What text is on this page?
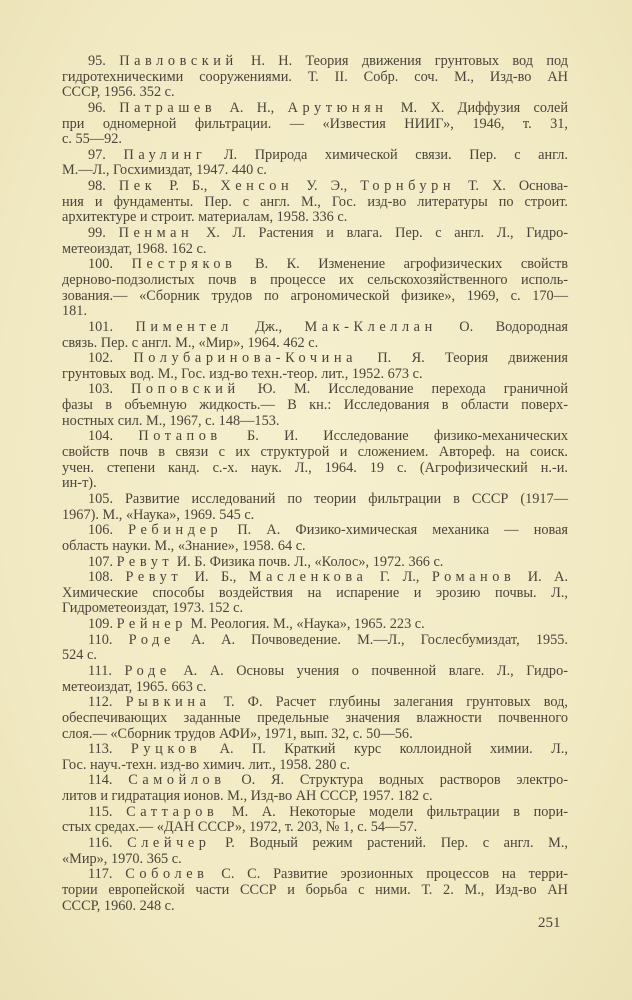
95. Павловский Н. Н. Теория движения грунтовых вод под
гидротехническими сооружениями. Т. II. Собр. соч. М., Изд-во АН
СССР, 1956. 352 с.
96. Патрашев А. Н., Арутюнян М. Х. Диффузия солей
при одномерной фильтрации. — «Известия НИИГ», 1946, т. 31,
с. 55—92.
97. Паулинг Л. Природа химической связи. Пер. с англ.
М.—Л., Госхимиздат, 1947. 440 с.
98. Пек Р. Б., Хенсон У. Э., Торнбурн Т. Х. Основа-
ния и фундаменты. Пер. с англ. М., Гос. изд-во литературы по строит.
архитектуре и строит. материалам, 1958. 336 с.
99. Пенман Х. Л. Растения и влага. Пер. с англ. Л., Гидро-
метеоиздат, 1968. 162 с.
100. Пестряков В. К. Изменение агрофизических свойств
дерново-подзолистых почв в процессе их сельскохозяйственного исполь-
зования.— «Сборник трудов по агрономической физике», 1969, с. 170—
181.
101. Пиментел Дж., Мак-Клеллан О. Водородная
связь. Пер. с англ. М., «Мир», 1964. 462 с.
102. Полубаринова-Кочина П. Я. Теория движения
грунтовых вод. М., Гос. изд-во техн.-теор. лит., 1952. 673 с.
103. Поповский Ю. М. Исследование перехода граничной
фазы в объемную жидкость.— В кн.: Исследования в области поверх-
ностных сил. М., 1967, с. 148—153.
104. Потапов Б. И. Исследование физико-механических
свойств почв в связи с их структурой и сложением. Автореф. на соиск.
учен. степени канд. с.-х. наук. Л., 1964. 19 с. (Агрофизический н.-и.
ин-т).
105. Развитие исследований по теории фильтрации в СССР (1917—
1967). М., «Наука», 1969. 545 с.
106. Ребиндер П. А. Физико-химическая механика — новая
область науки. М., «Знание», 1958. 64 с.
107. Ревут И. Б. Физика почв. Л., «Колос», 1972. 366 с.
108. Ревут И. Б., Масленкова Г. Л., Романов И. А.
Химические способы воздействия на испарение и эрозию почвы. Л.,
Гидрометеоиздат, 1973. 152 с.
109. Рейнер М. Реология. М., «Наука», 1965. 223 с.
110. Роде А. А. Почвоведение. М.—Л., Гослесбумиздат, 1955.
524 с.
111. Роде А. А. Основы учения о почвенной влаге. Л., Гидро-
метеоиздат, 1965. 663 с.
112. Рывкина Т. Ф. Расчет глубины залегания грунтовых вод,
обеспечивающих заданные предельные значения влажности почвенного
слоя.— «Сборник трудов АФИ», 1971, вып. 32, с. 50—56.
113. Руцков А. П. Краткий курс коллоидной химии. Л.,
Гос. науч.-техн. изд-во химич. лит., 1958. 280 с.
114. Самойлов О. Я. Структура водных растворов электро-
литов и гидратация ионов. М., Изд-во АН СССР, 1957. 182 с.
115. Саттаров М. А. Некоторые модели фильтрации в пори-
стых средах.— «ДАН СССР», 1972, т. 203, № 1, с. 54—57.
116. Слейчер Р. Водный режим растений. Пер. с англ. М.,
«Мир», 1970. 365 с.
117. Соболев С. С. Развитие эрозионных процессов на терри-
тории европейской части СССР и борьба с ними. Т. 2. М., Изд-во АН
СССР, 1960. 248 с.
251
